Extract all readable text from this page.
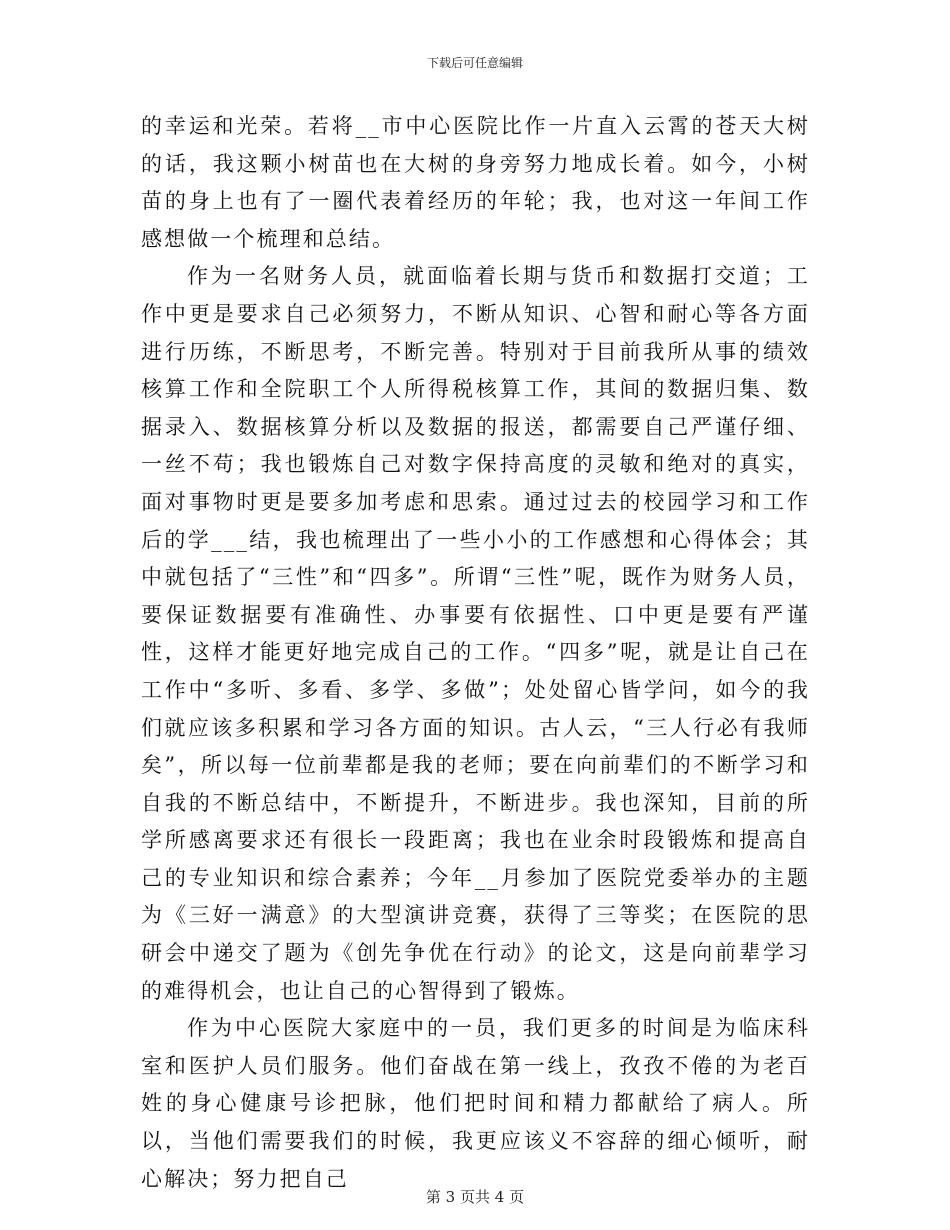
下载后可任意编辑

的幸运和光荣。若将__市中心医院比作一片直入云霄的苍天大树的话，我这颗小树苗也在大树的身旁努力地成长着。如今，小树苗的身上也有了一圈代表着经历的年轮；我，也对这一年间工作感想做一个梳理和总结。

作为一名财务人员，就面临着长期与货币和数据打交道；工作中更是要求自己必须努力，不断从知识、心智和耐心等各方面进行历练，不断思考，不断完善。特别对于目前我所从事的绩效核算工作和全院职工个人所得税核算工作，其间的数据归集、数据录入、数据核算分析以及数据的报送，都需要自己严谨仔细、一丝不苟；我也锻炼自己对数字保持高度的灵敏和绝对的真实，面对事物时更是要多加考虑和思索。通过过去的校园学习和工作后的学___结，我也梳理出了一些小小的工作感想和心得体会；其中就包括了“三性”和“四多”。所谓“三性”呢，既作为财务人员，要保证数据要有准确性、办事要有依据性、口中更是要有严谨性，这样才能更好地完成自己的工作。“四多”呢，就是让自己在工作中“多听、多看、多学、多做”；处处留心皆学问，如今的我们就应该多积累和学习各方面的知识。古人云，“三人行必有我师矣”，所以每一位前辈都是我的老师；要在向前辈们的不断学习和自我的不断总结中，不断提升，不断进步。我也深知，目前的所学所感离要求还有很长一段距离；我也在业余时段锻炼和提高自己的专业知识和综合素养；今年__月参加了医院党委举办的主题为《三好一满意》的大型演讲竞赛，获得了三等奖；在医院的思研会中递交了题为《创先争优在行动》的论文，这是向前辈学习的难得机会，也让自己的心智得到了锻炼。

作为中心医院大家庭中的一员，我们更多的时间是为临床科室和医护人员们服务。他们奋战在第一线上，孜孜不倦的为老百姓的身心健康号诊把脉，他们把时间和精力都献给了病人。所以，当他们需要我们的时候，我更应该义不容辞的细心倾听，耐心解决；努力把自己

第 3 页共 4 页
